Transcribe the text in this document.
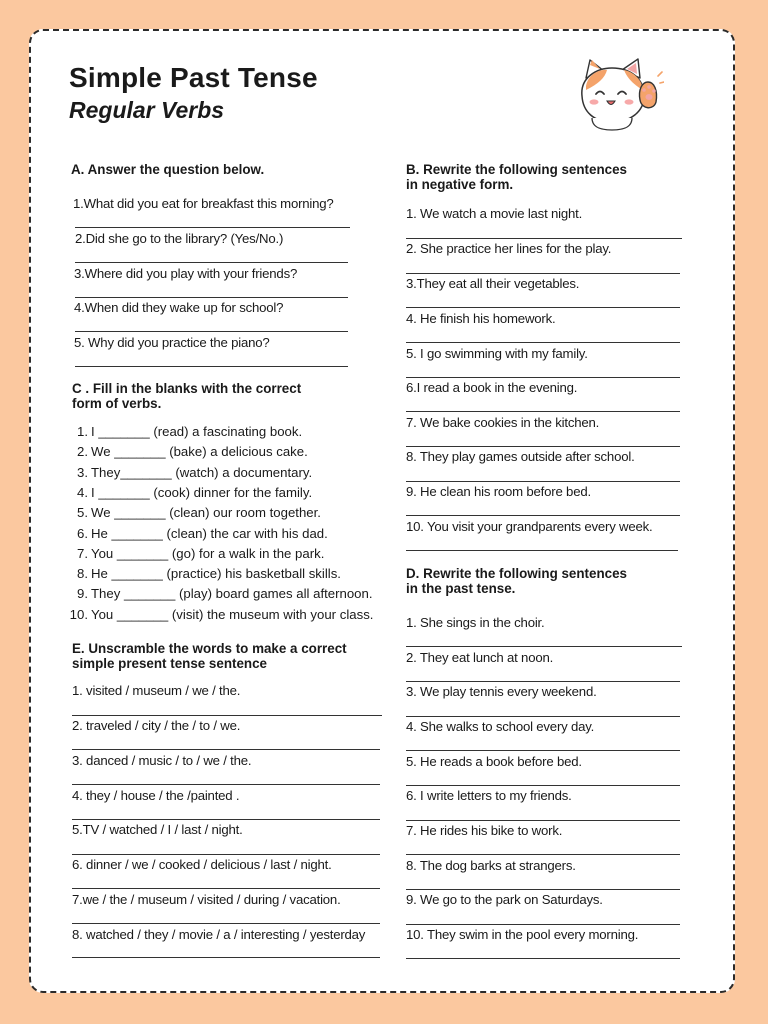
Simple Past Tense
Regular Verbs
A. Answer the question below.
1.What did you eat for breakfast this morning?
2.Did she go to the library? (Yes/No.)
3.Where did you play with your friends?
4.When did they wake up for school?
5. Why did you practice the piano?
C . Fill in the blanks with the correct
form of verbs.
1. I _______ (read) a fascinating book.
2. We _______ (bake) a delicious cake.
3. They_______ (watch) a documentary.
4. I _______ (cook) dinner for the family.
5. We _______ (clean) our room together.
6. He _______ (clean) the car with his dad.
7. You _______ (go) for a walk in the park.
8. He _______ (practice) his basketball skills.
9. They _______ (play) board games all afternoon.
10. You _______ (visit) the museum with your class.
E. Unscramble the words to make a correct
simple present tense sentence
1. visited / museum / we / the.
2. traveled / city / the / to / we.
3. danced / music / to / we / the.
4. they / house / the /painted .
5.TV / watched / I / last / night.
6. dinner / we / cooked / delicious / last / night.
7.we / the / museum / visited / during / vacation.
8. watched / they / movie / a / interesting / yesterday
B. Rewrite the following sentences
in negative form.
1. We watch a movie last night.
2. She practice her lines for the play.
3.They eat all their vegetables.
4. He finish his homework.
5. I go swimming with my family.
6.I read a book in the evening.
7. We bake cookies in the kitchen.
8. They play games outside after school.
9. He clean his room before bed.
10. You visit your grandparents every week.
D. Rewrite the following sentences
in the past tense.
1. She sings in the choir.
2. They eat lunch at noon.
3. We play tennis every weekend.
4. She walks to school every day.
5. He reads a book before bed.
6. I write letters to my friends.
7. He rides his bike to work.
8. The dog barks at strangers.
9. We go to the park on Saturdays.
10. They swim in the pool every morning.
